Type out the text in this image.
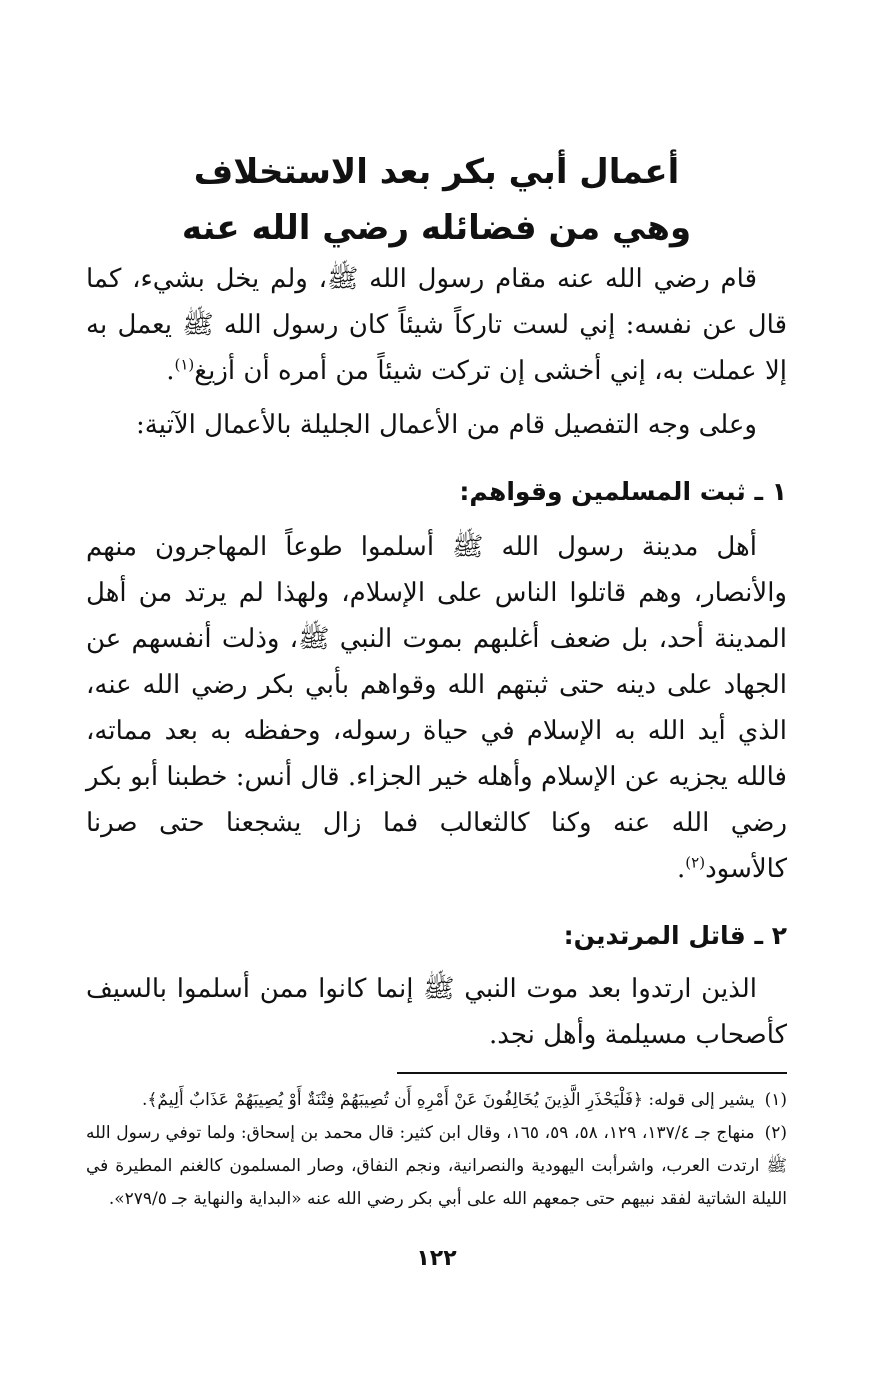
أعمال أبي بكر بعد الاستخلاف
وهي من فضائله رضي الله عنه

قام رضي الله عنه مقام رسول الله ﷺ، ولم يخل بشيء، كما قال عن نفسه: إني لست تاركاً شيئاً كان رسول الله ﷺ يعمل به إلا عملت به، إني أخشى إن تركت شيئاً من أمره أن أزيغ$^{(١)}$.

وعلى وجه التفصيل قام من الأعمال الجليلة بالأعمال الآتية:

١ ـ ثبت المسلمين وقواهم:

أهل مدينة رسول الله ﷺ أسلموا طوعاً المهاجرون منهم والأنصار، وهم قاتلوا الناس على الإسلام، ولهذا لم يرتد من أهل المدينة أحد، بل ضعف أغلبهم بموت النبي ﷺ، وذلت أنفسهم عن الجهاد على دينه حتى ثبتهم الله وقواهم بأبي بكر رضي الله عنه، الذي أيد الله به الإسلام في حياة رسوله، وحفظه به بعد مماته، فالله يجزيه عن الإسلام وأهله خير الجزاء. قال أنس: خطبنا أبو بكر رضي الله عنه وكنا كالثعالب فما زال يشجعنا حتى صرنا كالأسود$^{(٢)}$.

٢ ـ قاتل المرتدين:

الذين ارتدوا بعد موت النبي ﷺ إنما كانوا ممن أسلموا بالسيف كأصحاب مسيلمة وأهل نجد.

(١)يشير إلى قوله: ﴿فَلْيَحْذَرِ الَّذِينَ يُخَالِفُونَ عَنْ أَمْرِهِ أَن تُصِيبَهُمْ فِتْنَةٌ أَوْ يُصِيبَهُمْ عَذَابٌ أَلِيمٌ﴾.

(٢)منهاج جـ ١٣٧/٤، ١٢٩، ٥٨، ٥٩، ١٦٥، وقال ابن كثير: قال محمد بن إسحاق: ولما توفي رسول الله ﷺ ارتدت العرب، واشرأبت اليهودية والنصرانية، ونجم النفاق، وصار المسلمون كالغنم المطيرة في الليلة الشاتية لفقد نبيهم حتى جمعهم الله على أبي بكر رضي الله عنه «البداية والنهاية جـ ٢٧٩/٥».

١٢٢
